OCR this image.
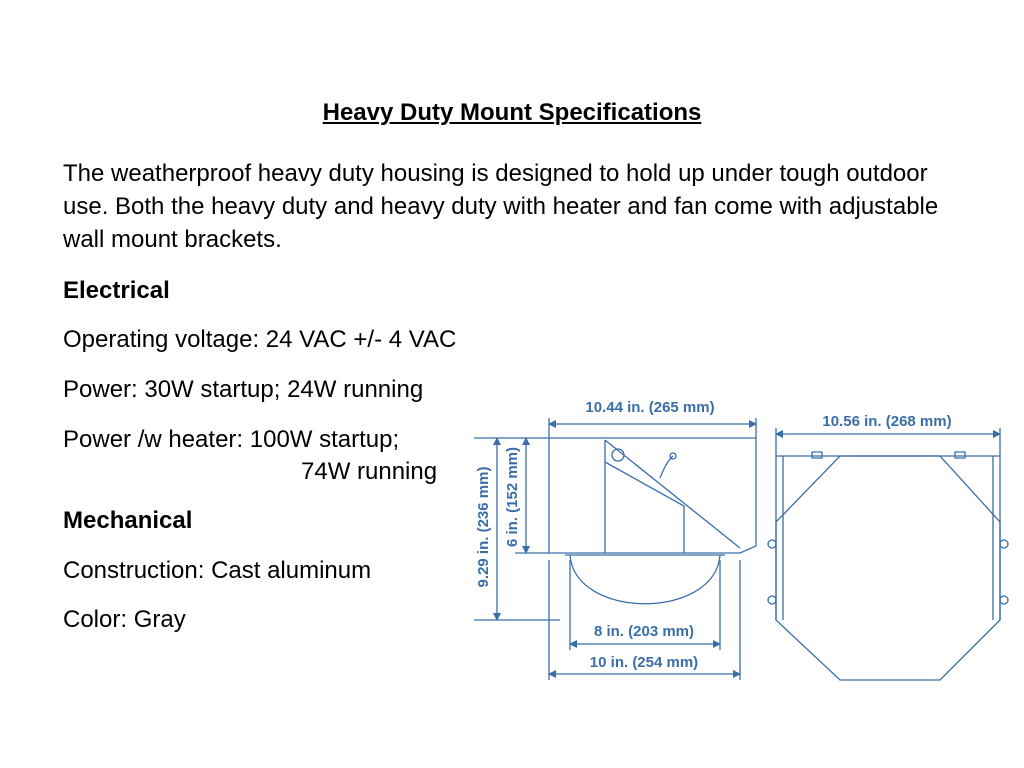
Heavy Duty Mount Specifications

The weatherproof heavy duty housing is designed to hold up under tough outdoor use. Both the heavy duty and heavy duty with heater and fan come with adjustable wall mount brackets.

Electrical
Operating voltage: 24 VAC +/- 4 VAC
Power: 30W startup; 24W running
Power /w heater: 100W startup;
74W running
Mechanical
Construction: Cast aluminum
Color: Gray
10.44 in. (265 mm)
10.56 in. (268 mm)
8 in. (203 mm)
10 in. (254 mm)
9.29 in. (236 mm) 6 in. (152 mm)
